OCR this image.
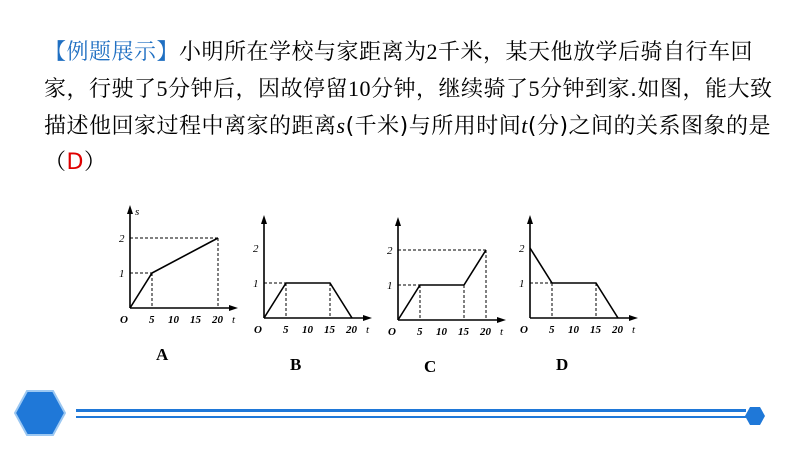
【例题展示】小明所在学校与家距离为2千米，某天他放学后骑自行车回家，行驶了5分钟后，因故停留10分钟，继续骑了5分钟到家.如图，能大致描述他回家过程中离家的距离s(千米)与所用时间t(分)之间的关系图象的是（D）
1
2
O 5 10 15 20 t
s
A
1
2
O 5 10 15 20 t
B
1
2
O 5 10 15 20 t
C
1
2
O 5 10 15 20 t
D
